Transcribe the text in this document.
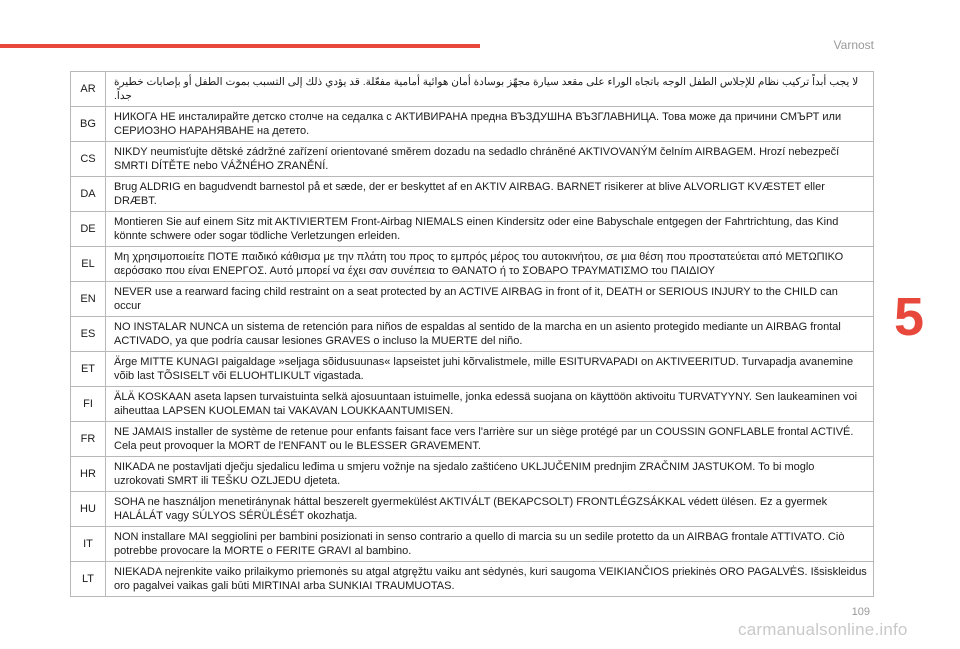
Varnost
AR	لا يجب أبداً تركيب نظام للإجلاس الطفل الوجه باتجاه الوراء على مقعد سيارة مجهّز بوسادة أمان هوائية أمامية مفعّلة. قد يؤدي ذلك إلى التسبب بموت الطفل أو بإصابات خطيرة جداً.
BG	НИКОГА НЕ инсталирайте детско столче на седалка с АКТИВИРАНА предна ВЪЗДУШНА ВЪЗГЛАВНИЦА. Това може да причини СМЪРТ или СЕРИОЗНО НАРАНЯВАНЕ на детето.
CS	NIKDY neumisťujte dětské zádržné zařízení orientované směrem dozadu na sedadlo chráněné AKTIVOVANÝM čelním AIRBAGEM. Hrozí nebezpečí SMRTI DÍTĚTE nebo VÁŽNÉHO ZRANĚNÍ.
DA	Brug ALDRIG en bagudvendt barnestol på et sæde, der er beskyttet af en AKTIV AIRBAG. BARNET risikerer at blive ALVORLIGT KVÆSTET eller DRÆBT.
DE	Montieren Sie auf einem Sitz mit AKTIVIERTEM Front-Airbag NIEMALS einen Kindersitz oder eine Babyschale entgegen der Fahrtrichtung, das Kind könnte schwere oder sogar tödliche Verletzungen erleiden.
EL	Μη χρησιμοποιείτε ΠΟΤΕ παιδικό κάθισμα με την πλάτη του προς το εμπρός μέρος του αυτοκινήτου, σε μια θέση που προστατεύεται από ΜΕΤΩΠΙΚΟ αερόσακο που είναι ΕΝΕΡΓΟΣ. Αυτό μπορεί να έχει σαν συνέπεια το ΘΑΝΑΤΟ ή το ΣΟΒΑΡΟ ΤΡΑΥΜΑΤΙΣΜΟ του ΠΑΙΔΙΟΥ
EN	NEVER use a rearward facing child restraint on a seat protected by an ACTIVE AIRBAG in front of it, DEATH or SERIOUS INJURY to the CHILD can occur
ES	NO INSTALAR NUNCA un sistema de retención para niños de espaldas al sentido de la marcha en un asiento protegido mediante un AIRBAG frontal ACTIVADO, ya que podría causar lesiones GRAVES o incluso la MUERTE del niño.
ET	Ärge MITTE KUNAGI paigaldage »seljaga sõidusuunas« lapseistet juhi kõrvalistmele, mille ESITURVAPADI on AKTIVEERITUD. Turvapadja avanemine võib last TÕSISELT või ELUOHTLIKULT vigastada.
FI	ÄLÄ KOSKAAN aseta lapsen turvaistuinta selkä ajosuuntaan istuimelle, jonka edessä suojana on käyttöön aktivoitu TURVATYYNY. Sen laukeaminen voi aiheuttaa LAPSEN KUOLEMAN tai VAKAVAN LOUKKAANTUMISEN.
FR	NE JAMAIS installer de système de retenue pour enfants faisant face vers l'arrière sur un siège protégé par un COUSSIN GONFLABLE frontal ACTIVÉ. Cela peut provoquer la MORT de l'ENFANT ou le BLESSER GRAVEMENT.
HR	NIKADA ne postavljati dječju sjedalicu leđima u smjeru vožnje na sjedalo zaštićeno UKLJUČENIM prednjim ZRAČNIM JASTUKOM. To bi moglo uzrokovati SMRT ili TEŠKU OZLJEDU djeteta.
HU	SOHA ne használjon menetiránynak háttal beszerelt gyermekülést AKTIVÁLT (BEKAPCSOLT) FRONTLÉGZSÁKKAL védett ülésen. Ez a gyermek HALÁLÁT vagy SÚLYOS SÉRÜLÉSÉT okozhatja.
IT	NON installare MAI seggiolini per bambini posizionati in senso contrario a quello di marcia su un sedile protetto da un AIRBAG frontale ATTIVATO. Ciò potrebbe provocare la MORTE o FERITE GRAVI al bambino.
LT	NIEKADA nejrenkite vaiko prilaikymo priemonės su atgal atgręžtu vaiku ant sėdynės, kuri saugoma VEIKIANČIOS priekinės ORO PAGALVĖS. Išsiskleidus oro pagalvei vaikas gali būti MIRTINAI arba SUNKIAI TRAUMUOTAS.
5
109
carmanualsonline.info
